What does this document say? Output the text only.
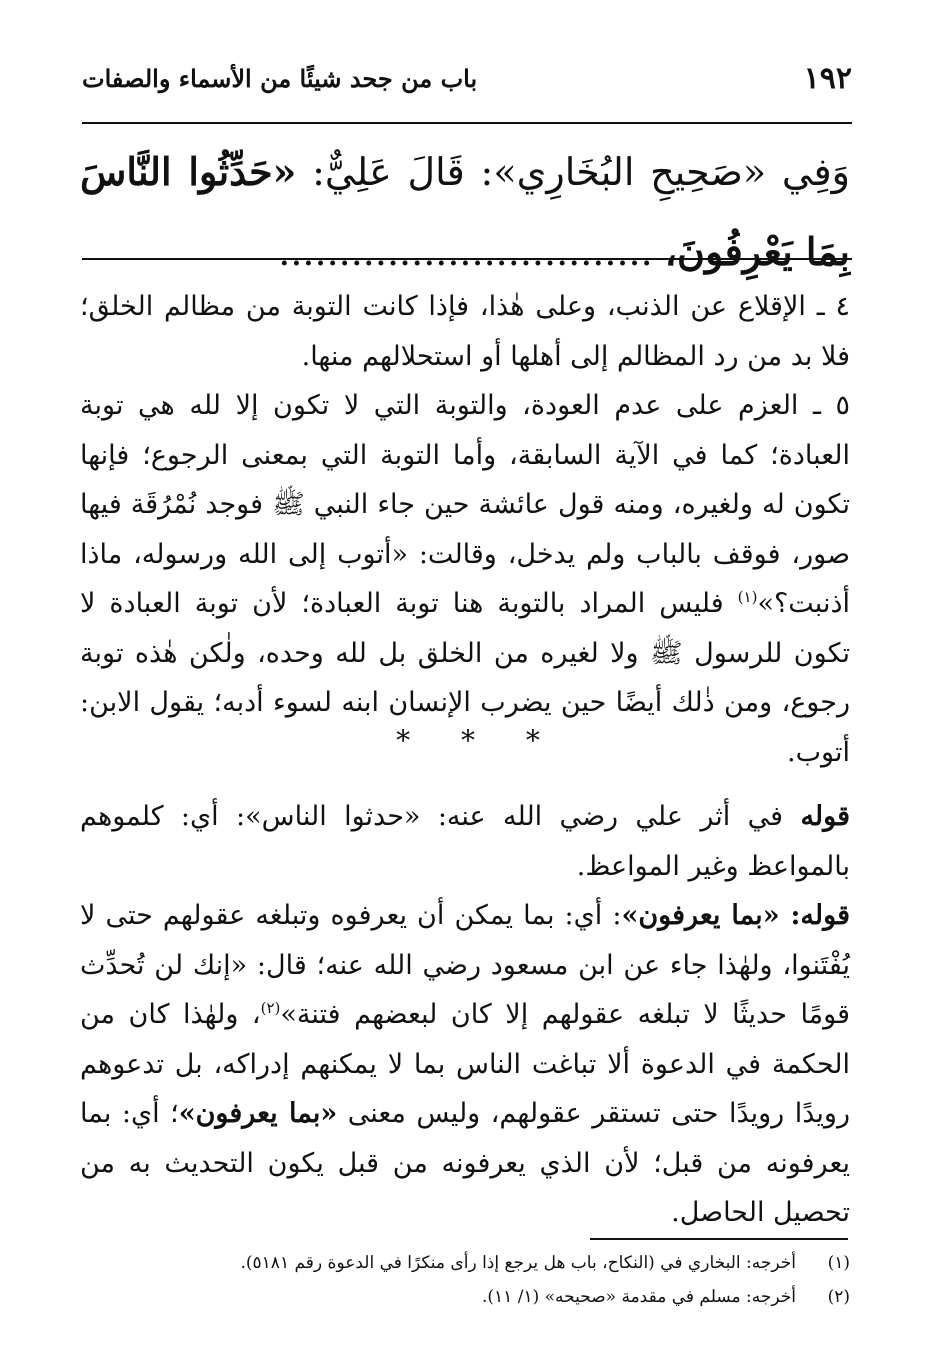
١٩٢
باب من جحد شيئًا من الأسماء والصفات
وَفِي «صَحِيحِ البُخَارِي»: قَالَ عَلِيٌّ: «حَدِّثُوا النَّاسَ بِمَا يَعْرِفُونَ، ...............................

٤ ـ الإقلاع عن الذنب، وعلى هٰذا، فإذا كانت التوبة من مظالم الخلق؛ فلا بد من رد المظالم إلى أهلها أو استحلالهم منها.

٥ ـ العزم على عدم العودة، والتوبة التي لا تكون إلا لله هي توبة العبادة؛ كما في الآية السابقة، وأما التوبة التي بمعنى الرجوع؛ فإنها تكون له ولغيره، ومنه قول عائشة حين جاء النبي ﷺ فوجد نُمْرُقَة فيها صور، فوقف بالباب ولم يدخل، وقالت: «أتوب إلى الله ورسوله، ماذا أذنبت؟»$^{(١)}$ فليس المراد بالتوبة هنا توبة العبادة؛ لأن توبة العبادة لا تكون للرسول ﷺ ولا لغيره من الخلق بل لله وحده، ولٰكن هٰذه توبة رجوع، ومن ذٰلك أيضًا حين يضرب الإنسان ابنه لسوء أدبه؛ يقول الابن: أتوب.

* * *

قوله في أثر علي رضي الله عنه: «حدثوا الناس»: أي: كلموهم بالمواعظ وغير المواعظ.

قوله: «بما يعرفون»: أي: بما يمكن أن يعرفوه وتبلغه عقولهم حتى لا يُفْتَنوا، ولهٰذا جاء عن ابن مسعود رضي الله عنه؛ قال: «إنك لن تُحدِّث قومًا حديثًا لا تبلغه عقولهم إلا كان لبعضهم فتنة»$^{(٢)}$، ولهٰذا كان من الحكمة في الدعوة ألا تباغت الناس بما لا يمكنهم إدراكه، بل تدعوهم رويدًا رويدًا حتى تستقر عقولهم، وليس معنى «بما يعرفون»؛ أي: بما يعرفونه من قبل؛ لأن الذي يعرفونه من قبل يكون التحديث به من تحصيل الحاصل.

(١)
أخرجه: البخاري في (النكاح، باب هل يرجع إذا رأى منكرًا في الدعوة رقم ٥١٨١).
(٢)
أخرجه: مسلم في مقدمة «صحيحه» (١/ ١١).
